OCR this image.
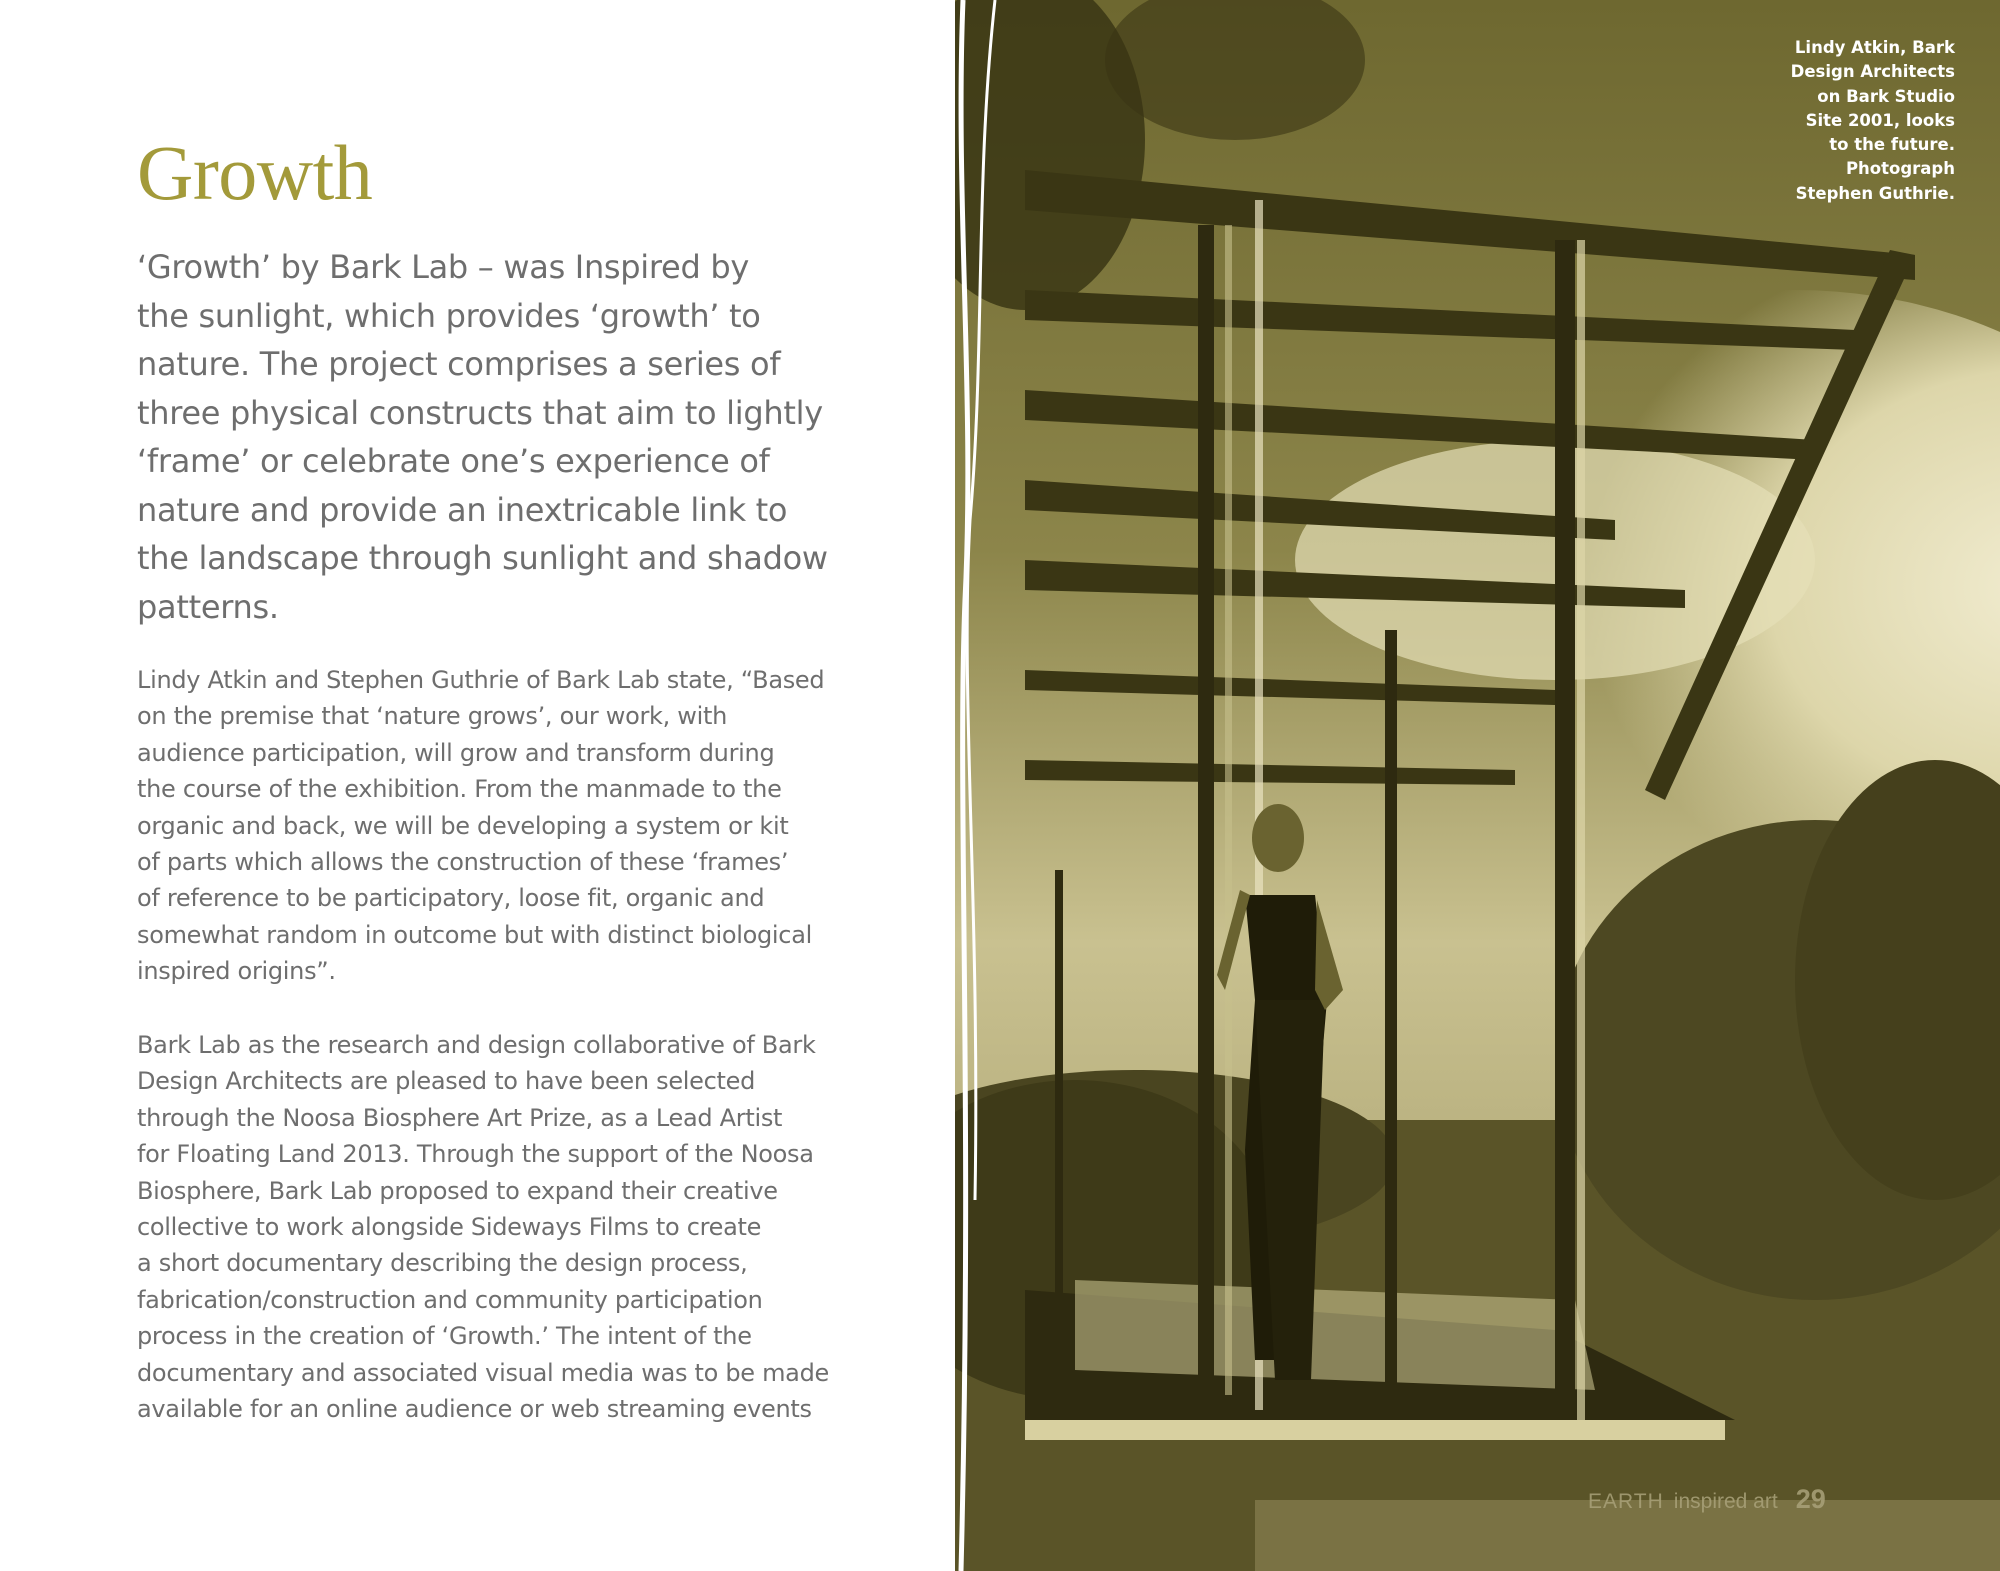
Growth

‘Growth’ by Bark Lab – was Inspired by
the sunlight, which provides ‘growth’ to
nature. The project comprises a series of
three physical constructs that aim to lightly
‘frame’ or celebrate one’s experience of
nature and provide an inextricable link to
the landscape through sunlight and shadow
patterns.

Lindy Atkin and Stephen Guthrie of Bark Lab state, “Based
on the premise that ‘nature grows’, our work, with
audience participation, will grow and transform during
the course of the exhibition. From the manmade to the
organic and back, we will be developing a system or kit
of parts which allows the construction of these ‘frames’
of reference to be participatory, loose fit, organic and
somewhat random in outcome but with distinct biological
inspired origins”.

Bark Lab as the research and design collaborative of Bark
Design Architects are pleased to have been selected
through the Noosa Biosphere Art Prize, as a Lead Artist
for Floating Land 2013. Through the support of the Noosa
Biosphere, Bark Lab proposed to expand their creative
collective to work alongside Sideways Films to create
a short documentary describing the design process,
fabrication/construction and community participation
process in the creation of ‘Growth.’ The intent of the
documentary and associated visual media was to be made
available for an online audience or web streaming events

Lindy Atkin, Bark
Design Architects
on Bark Studio
Site 2001, looks
to the future.
Photograph
Stephen Guthrie.
EARTH inspired art 29
